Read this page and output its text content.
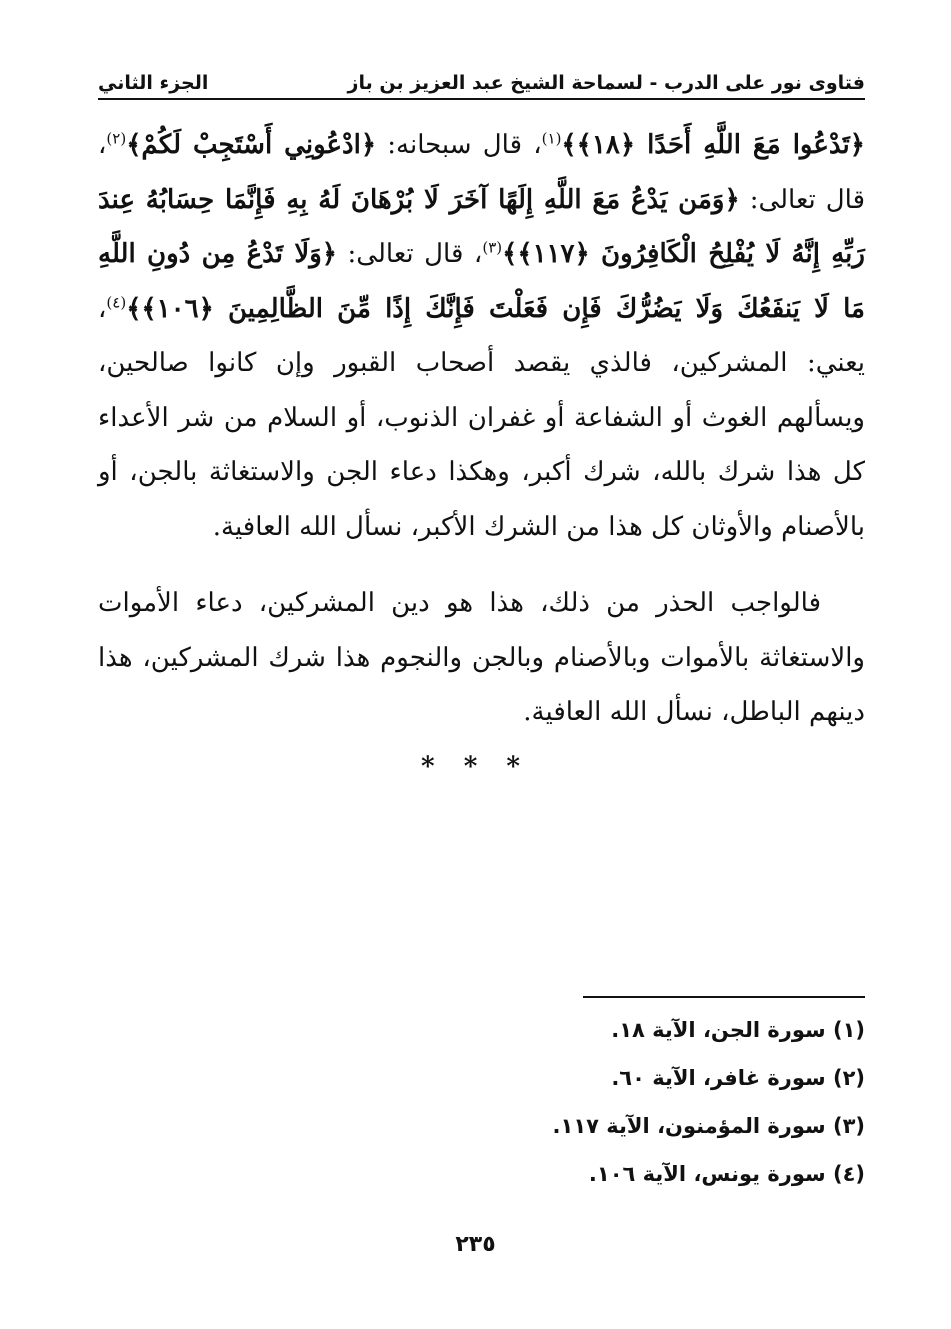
فتاوى نور على الدرب - لسماحة الشيخ عبد العزيز بن باز
الجزء الثاني

﴿تَدْعُوا مَعَ اللَّهِ أَحَدًا ﴿١٨﴾﴾$^{(١)}$، قال سبحانه: ﴿ادْعُونِي أَسْتَجِبْ لَكُمْ﴾$^{(٢)}$، قال تعالى: ﴿وَمَن يَدْعُ مَعَ اللَّهِ إِلَهًا آخَرَ لَا بُرْهَانَ لَهُ بِهِ فَإِنَّمَا حِسَابُهُ عِندَ رَبِّهِ إِنَّهُ لَا يُفْلِحُ الْكَافِرُونَ ﴿١١٧﴾﴾$^{(٣)}$، قال تعالى: ﴿وَلَا تَدْعُ مِن دُونِ اللَّهِ مَا لَا يَنفَعُكَ وَلَا يَضُرُّكَ فَإِن فَعَلْتَ فَإِنَّكَ إِذًا مِّنَ الظَّالِمِينَ ﴿١٠٦﴾﴾$^{(٤)}$، يعني: المشركين، فالذي يقصد أصحاب القبور وإن كانوا صالحين، ويسألهم الغوث أو الشفاعة أو غفران الذنوب، أو السلام من شر الأعداء كل هذا شرك بالله، شرك أكبر، وهكذا دعاء الجن والاستغاثة بالجن، أو بالأصنام والأوثان كل هذا من الشرك الأكبر، نسأل الله العافية.

فالواجب الحذر من ذلك، هذا هو دين المشركين، دعاء الأموات والاستغاثة بالأموات وبالأصنام وبالجن والنجوم هذا شرك المشركين، هذا دينهم الباطل، نسأل الله العافية.

* * *
(١) سورة الجن، الآية ١٨.
(٢) سورة غافر، الآية ٦٠.
(٣) سورة المؤمنون، الآية ١١٧.
(٤) سورة يونس، الآية ١٠٦.
٢٣٥
